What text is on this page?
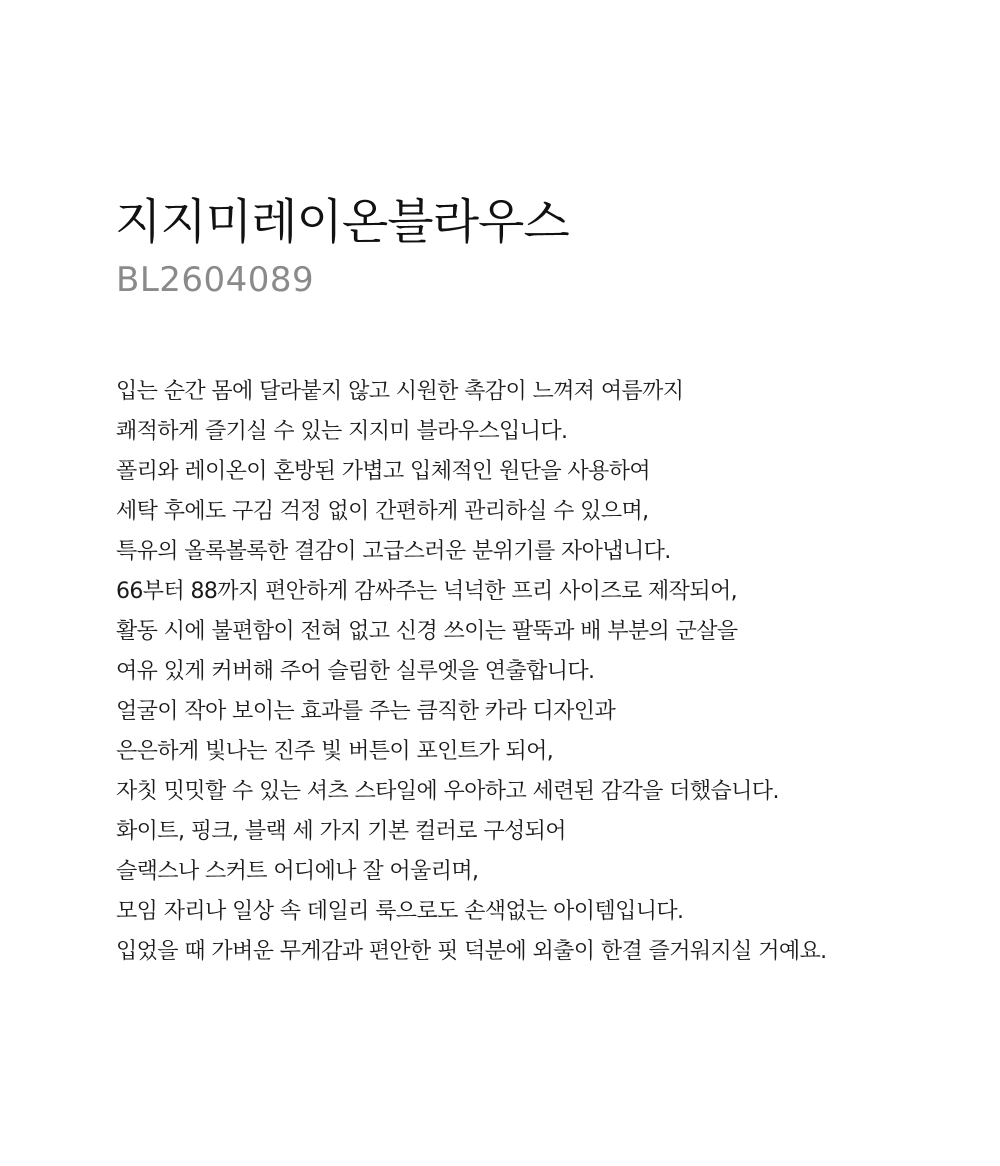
지지미레이온블라우스
BL2604089
입는 순간 몸에 달라붙지 않고 시원한 촉감이 느껴져 여름까지
쾌적하게 즐기실 수 있는 지지미 블라우스입니다.
폴리와 레이온이 혼방된 가볍고 입체적인 원단을 사용하여
세탁 후에도 구김 걱정 없이 간편하게 관리하실 수 있으며,
특유의 올록볼록한 결감이 고급스러운 분위기를 자아냅니다.
66부터 88까지 편안하게 감싸주는 넉넉한 프리 사이즈로 제작되어,
활동 시에 불편함이 전혀 없고 신경 쓰이는 팔뚝과 배 부분의 군살을
여유 있게 커버해 주어 슬림한 실루엣을 연출합니다.
얼굴이 작아 보이는 효과를 주는 큼직한 카라 디자인과
은은하게 빛나는 진주 빛 버튼이 포인트가 되어,
자칫 밋밋할 수 있는 셔츠 스타일에 우아하고 세련된 감각을 더했습니다.
화이트, 핑크, 블랙 세 가지 기본 컬러로 구성되어
슬랙스나 스커트 어디에나 잘 어울리며,
모임 자리나 일상 속 데일리 룩으로도 손색없는 아이템입니다.
입었을 때 가벼운 무게감과 편안한 핏 덕분에 외출이 한결 즐거워지실 거예요.
